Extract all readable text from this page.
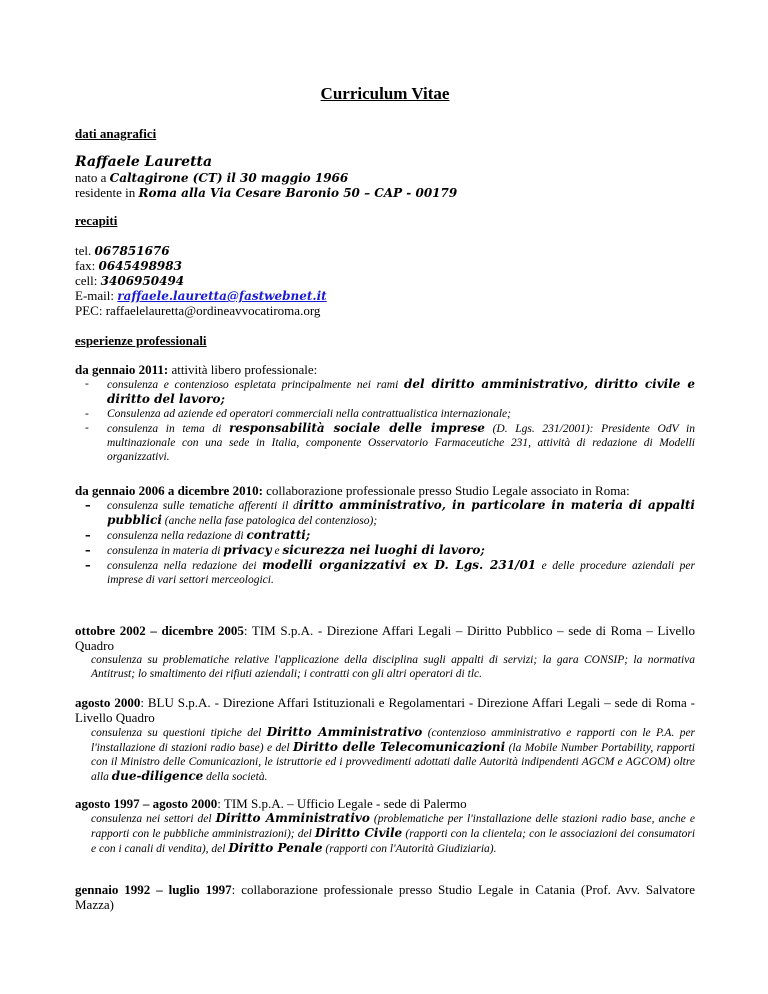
Curriculum Vitae
dati anagrafici
Raffaele Lauretta
nato a Caltagirone (CT) il 30 maggio 1966
residente in Roma alla Via Cesare Baronio 50 – CAP - 00179
recapiti
tel. 067851676
fax: 0645498983
cell: 3406950494
E-mail: raffaele.lauretta@fastwebnet.it
PEC: raffaelelauretta@ordineavvocatiroma.org
esperienze professionali
da gennaio 2011: attività libero professionale:
- consulenza e contenzioso espletata principalmente nei rami del diritto amministrativo, diritto civile e diritto del lavoro;
- Consulenza ad aziende ed operatori commerciali nella contrattualistica internazionale;
- consulenza in tema di responsabilità sociale delle imprese (D. Lgs. 231/2001): Presidente OdV in multinazionale con una sede in Italia, componente Osservatorio Farmaceutiche 231, attività di redazione di Modelli organizzativi.
da gennaio 2006 a dicembre 2010: collaborazione professionale presso Studio Legale associato in Roma:
- consulenza sulle tematiche afferenti il diritto amministrativo, in particolare in materia di appalti pubblici (anche nella fase patologica del contenzioso);
- consulenza nella redazione di contratti;
- consulenza in materia di privacy e sicurezza nei luoghi di lavoro;
- consulenza nella redazione dei modelli organizzativi ex D. Lgs. 231/01 e delle procedure aziendali per imprese di vari settori merceologici.
ottobre 2002 – dicembre 2005: TIM S.p.A. - Direzione Affari Legali – Diritto Pubblico – sede di Roma – Livello Quadro
consulenza su problematiche relative l'applicazione della disciplina sugli appalti di servizi; la gara CONSIP; la normativa Antitrust; lo smaltimento dei rifiuti aziendali; i contratti con gli altri operatori di tlc.
agosto 2000: BLU S.p.A. - Direzione Affari Istituzionali e Regolamentari - Direzione Affari Legali – sede di Roma - Livello Quadro
consulenza su questioni tipiche del Diritto Amministrativo (contenzioso amministrativo e rapporti con le P.A. per l'installazione di stazioni radio base) e del Diritto delle Telecomunicazioni (la Mobile Number Portability, rapporti con il Ministro delle Comunicazioni, le istruttorie ed i provvedimenti adottati dalle Autorità indipendenti AGCM e AGCOM) oltre alla due-diligence della società.
agosto 1997 – agosto 2000: TIM S.p.A. – Ufficio Legale - sede di Palermo
consulenza nei settori del Diritto Amministrativo (problematiche per l'installazione delle stazioni radio base, anche e rapporti con le pubbliche amministrazioni); del Diritto Civile (rapporti con la clientela; con le associazioni dei consumatori e con i canali di vendita), del Diritto Penale (rapporti con l'Autorità Giudiziaria).
gennaio 1992 – luglio 1997: collaborazione professionale presso Studio Legale in Catania (Prof. Avv. Salvatore Mazza)
